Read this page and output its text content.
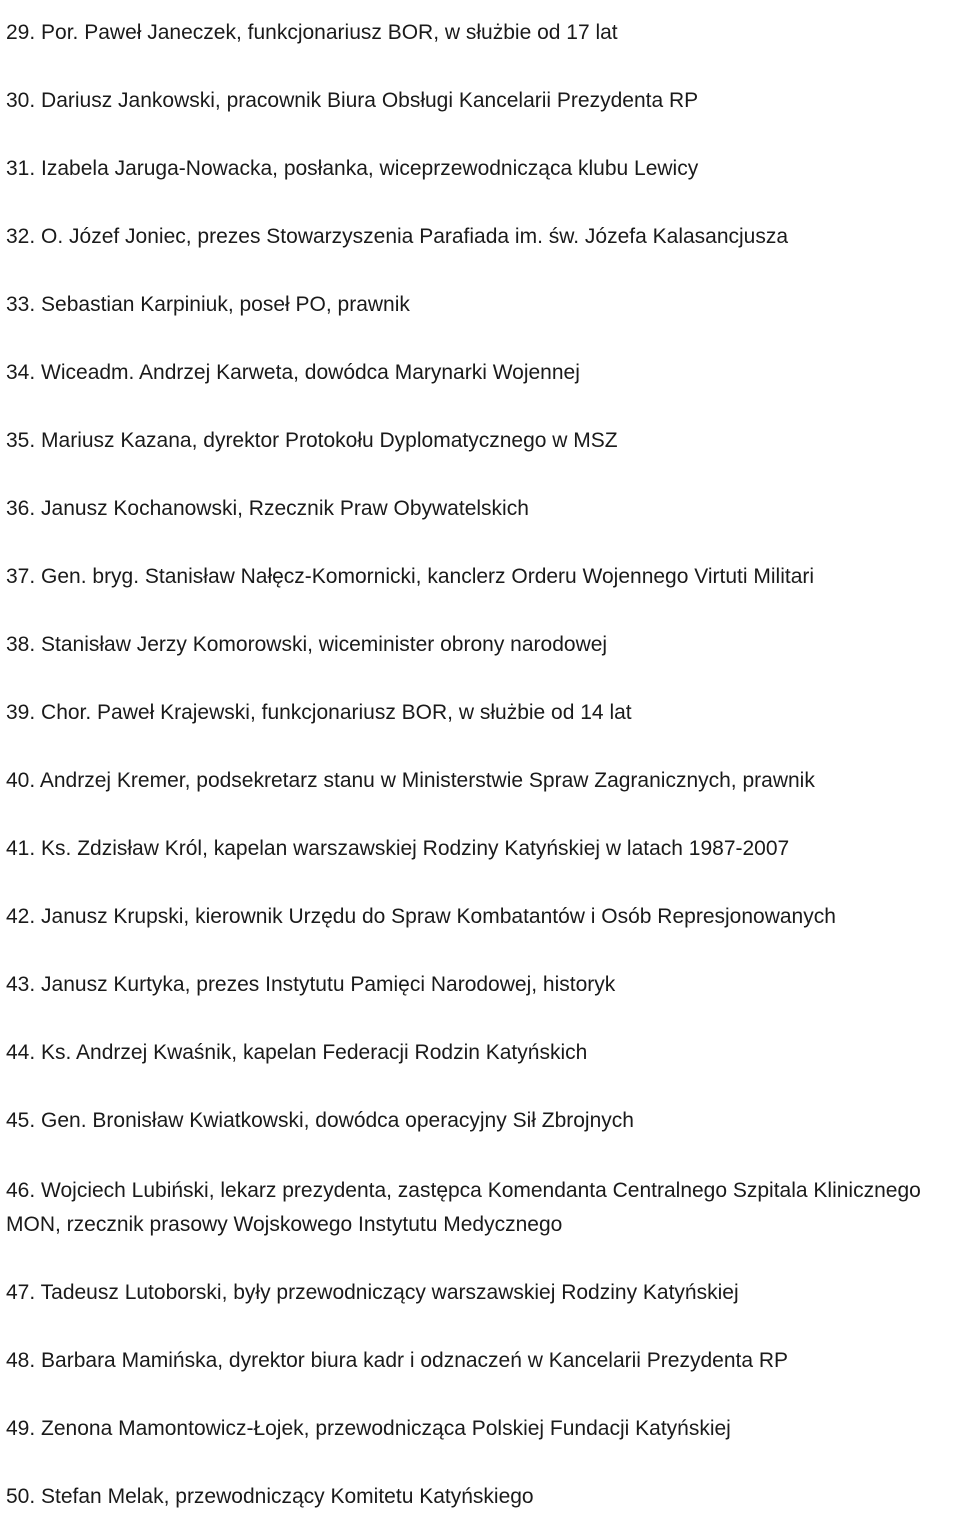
29. Por. Paweł Janeczek, funkcjonariusz BOR, w służbie od 17 lat

30. Dariusz Jankowski, pracownik Biura Obsługi Kancelarii Prezydenta RP

31. Izabela Jaruga-Nowacka, posłanka, wiceprzewodnicząca klubu Lewicy

32. O. Józef Joniec, prezes Stowarzyszenia Parafiada im. św. Józefa Kalasancjusza

33. Sebastian Karpiniuk, poseł PO, prawnik

34. Wiceadm. Andrzej Karweta, dowódca Marynarki Wojennej

35. Mariusz Kazana, dyrektor Protokołu Dyplomatycznego w MSZ

36. Janusz Kochanowski, Rzecznik Praw Obywatelskich

37. Gen. bryg. Stanisław Nałęcz-Komornicki, kanclerz Orderu Wojennego Virtuti Militari

38. Stanisław Jerzy Komorowski, wiceminister obrony narodowej

39. Chor. Paweł Krajewski, funkcjonariusz BOR, w służbie od 14 lat

40. Andrzej Kremer, podsekretarz stanu w Ministerstwie Spraw Zagranicznych, prawnik

41. Ks. Zdzisław Król, kapelan warszawskiej Rodziny Katyńskiej w latach 1987-2007

42. Janusz Krupski, kierownik Urzędu do Spraw Kombatantów i Osób Represjonowanych

43. Janusz Kurtyka, prezes Instytutu Pamięci Narodowej, historyk

44. Ks. Andrzej Kwaśnik, kapelan Federacji Rodzin Katyńskich

45. Gen. Bronisław Kwiatkowski, dowódca operacyjny Sił Zbrojnych

46. Wojciech Lubiński, lekarz prezydenta, zastępca Komendanta Centralnego Szpitala Klinicznego MON, rzecznik prasowy Wojskowego Instytutu Medycznego

47. Tadeusz Lutoborski, były przewodniczący warszawskiej Rodziny Katyńskiej

48. Barbara Mamińska, dyrektor biura kadr i odznaczeń w Kancelarii Prezydenta RP

49. Zenona Mamontowicz-Łojek, przewodnicząca Polskiej Fundacji Katyńskiej

50. Stefan Melak, przewodniczący Komitetu Katyńskiego
